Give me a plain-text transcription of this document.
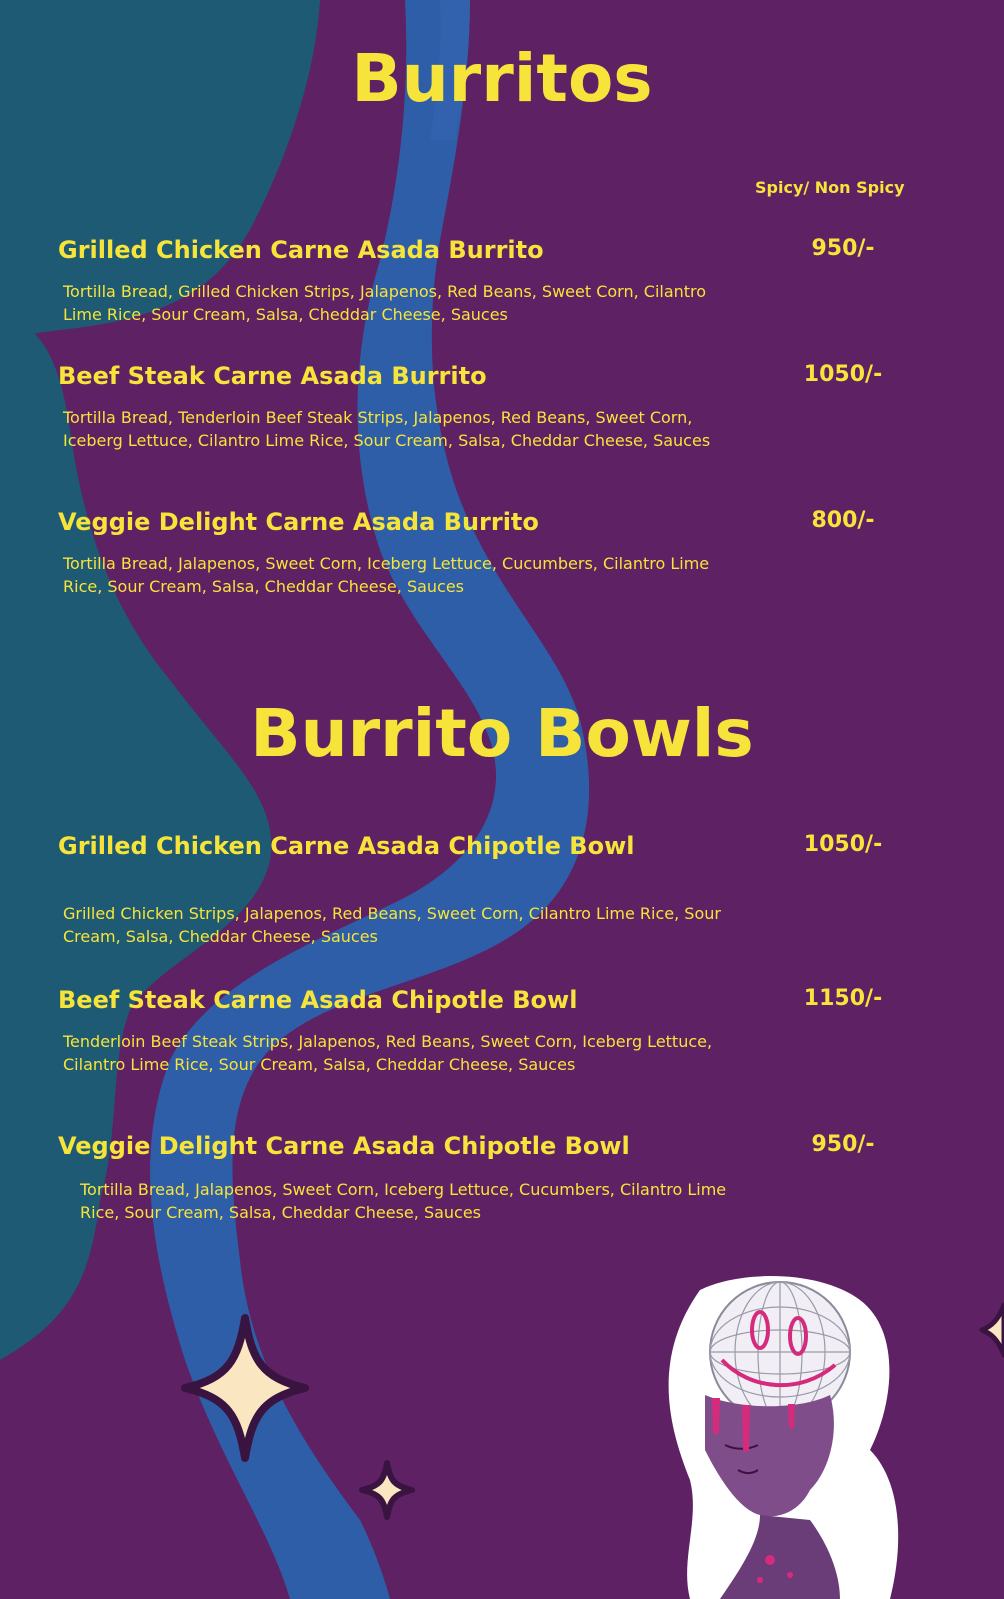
Burritos
Spicy/ Non Spicy
Grilled Chicken Carne Asada Burrito	950/-
Tortilla Bread, Grilled Chicken Strips, Jalapenos, Red Beans, Sweet Corn, Cilantro Lime Rice, Sour Cream, Salsa, Cheddar Cheese, Sauces
Beef Steak Carne Asada Burrito	1050/-
Tortilla Bread, Tenderloin Beef Steak Strips, Jalapenos, Red Beans, Sweet Corn, Iceberg Lettuce, Cilantro Lime Rice, Sour Cream, Salsa, Cheddar Cheese, Sauces
Veggie Delight Carne Asada Burrito	800/-
Tortilla Bread, Jalapenos, Sweet Corn, Iceberg Lettuce, Cucumbers, Cilantro Lime Rice, Sour Cream, Salsa, Cheddar Cheese, Sauces
Burrito Bowls
Grilled Chicken Carne Asada Chipotle Bowl	1050/-
Grilled Chicken Strips, Jalapenos, Red Beans, Sweet Corn, Cilantro Lime Rice, Sour Cream, Salsa, Cheddar Cheese, Sauces
Beef Steak Carne Asada Chipotle Bowl	1150/-
Tenderloin Beef Steak Strips, Jalapenos, Red Beans, Sweet Corn, Iceberg Lettuce, Cilantro Lime Rice, Sour Cream, Salsa, Cheddar Cheese, Sauces
Veggie Delight Carne Asada Chipotle Bowl	950/-
Tortilla Bread, Jalapenos, Sweet Corn, Iceberg Lettuce, Cucumbers, Cilantro Lime Rice, Sour Cream, Salsa, Cheddar Cheese, Sauces
